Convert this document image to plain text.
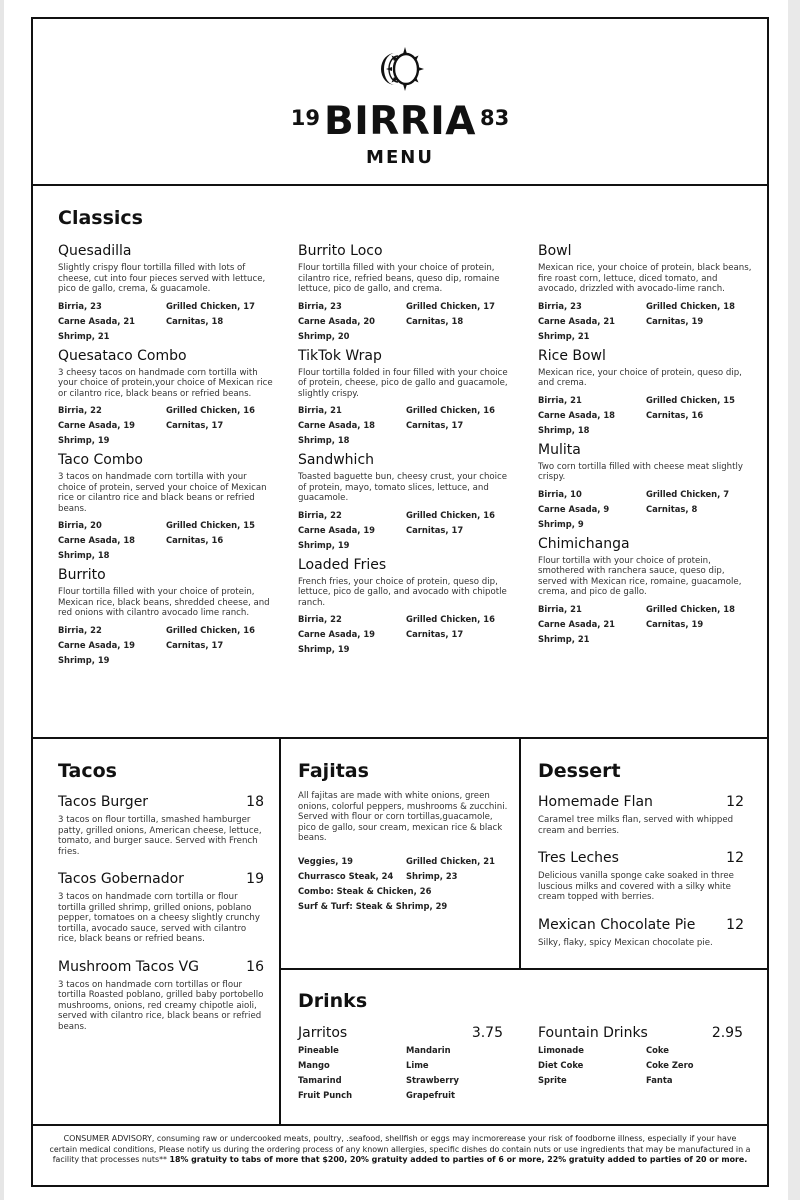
19 BIRRIA 83
MENU
Classics
Quesadilla
Slightly crispy flour tortilla filled with lots of cheese, cut into four pieces served with lettuce, pico de gallo, crema, & guacamole.
Birria, 23	Grilled Chicken, 17
Carne Asada, 21	Carnitas, 18
Shrimp, 21
Quesataco Combo
3 cheesy tacos on handmade corn tortilla with your choice of protein,your choice of Mexican rice or cilantro rice, black beans or refried beans.
Birria, 22	Grilled Chicken, 16
Carne Asada, 19	Carnitas, 17
Shrimp, 19
Taco Combo
3 tacos on handmade corn tortilla with your choice of protein, served your choice of Mexican rice or cilantro rice and black beans or refried beans.
Birria, 20	Grilled Chicken, 15
Carne Asada, 18	Carnitas, 16
Shrimp, 18
Burrito
Flour tortilla filled with your choice of protein, Mexican rice, black beans, shredded cheese, and red onions with cilantro avocado lime ranch.
Birria, 22	Grilled Chicken, 16
Carne Asada, 19	Carnitas, 17
Shrimp, 19
Burrito Loco
Flour tortilla filled with your choice of protein, cilantro rice, refried beans, queso dip, romaine lettuce, pico de gallo, and crema.
Birria, 23	Grilled Chicken, 17
Carne Asada, 20	Carnitas, 18
Shrimp, 20
TikTok Wrap
Flour tortilla folded in four filled with your choice of protein, cheese, pico de gallo and guacamole, slightly crispy.
Birria, 21	Grilled Chicken, 16
Carne Asada, 18	Carnitas, 17
Shrimp, 18
Sandwhich
Toasted baguette bun, cheesy crust, your choice of protein, mayo, tomato slices, lettuce, and guacamole.
Birria, 22	Grilled Chicken, 16
Carne Asada, 19	Carnitas, 17
Shrimp, 19
Loaded Fries
French fries, your choice of protein, queso dip, lettuce, pico de gallo, and avocado with chipotle ranch.
Birria, 22	Grilled Chicken, 16
Carne Asada, 19	Carnitas, 17
Shrimp, 19
Bowl
Mexican rice, your choice of protein, black beans, fire roast corn, lettuce, diced tomato, and avocado, drizzled with avocado-lime ranch.
Birria, 23	Grilled Chicken, 18
Carne Asada, 21	Carnitas, 19
Shrimp, 21
Rice Bowl
Mexican rice, your choice of protein, queso dip, and crema.
Birria, 21	Grilled Chicken, 15
Carne Asada, 18	Carnitas, 16
Shrimp, 18
Mulita
Two corn tortilla filled with cheese meat slightly crispy.
Birria, 10	Grilled Chicken, 7
Carne Asada, 9	Carnitas, 8
Shrimp, 9
Chimichanga
Flour tortilla with your choice of protein, smothered with ranchera sauce, queso dip, served with Mexican rice, romaine, guacamole, crema, and pico de gallo.
Birria, 21	Grilled Chicken, 18
Carne Asada, 21	Carnitas, 19
Shrimp, 21
Tacos
Tacos Burger	18
3 tacos on flour tortilla, smashed hamburger patty, grilled onions, American cheese, lettuce, tomato, and burger sauce. Served with French fries.
Tacos Gobernador	19
3 tacos on handmade corn tortilla or flour tortilla grilled shrimp, grilled onions, poblano pepper, tomatoes on a cheesy slightly crunchy tortilla, avocado sauce, served with cilantro rice, black beans or refried beans.
Mushroom Tacos VG	16
3 tacos on handmade corn tortillas or flour tortilla Roasted poblano, grilled baby portobello mushrooms, onions, red creamy chipotle aioli, served with cilantro rice, black beans or refried beans.
Fajitas
All fajitas are made with white onions, green onions, colorful peppers, mushrooms & zucchini. Served with flour or corn tortillas,guacamole, pico de gallo, sour cream, mexican rice & black beans.
Veggies, 19	Grilled Chicken, 21
Churrasco Steak, 24	Shrimp, 23
Combo: Steak & Chicken, 26
Surf & Turf: Steak & Shrimp, 29
Dessert
Homemade Flan	12
Caramel tree milks flan, served with whipped cream and berries.
Tres Leches	12
Delicious vanilla sponge cake soaked in three luscious milks and covered with a silky white cream topped with berries.
Mexican Chocolate Pie 12
Silky, flaky, spicy Mexican chocolate pie.
Drinks
Jarritos	3.75
Pineable	Mandarin
Mango	Lime
Tamarind	Strawberry
Fruit Punch	Grapefruit
Fountain Drinks	2.95
Limonade	Coke
Diet Coke	Coke Zero
Sprite	Fanta
CONSUMER ADVISORY, consuming raw or undercooked meats, poultry, .seafood, shellfish or eggs may incmorerease your risk of foodborne illness, especially if your have certain medical conditions, Please notify us during the ordering process of any known allergies, specific dishes do contain nuts or use ingredients that may be manufactured in a facility that processes nuts** 18% gratuity to tabs of more that $200, 20% gratuity added to parties of 6 or more, 22% gratuity added to parties of 20 or more.
